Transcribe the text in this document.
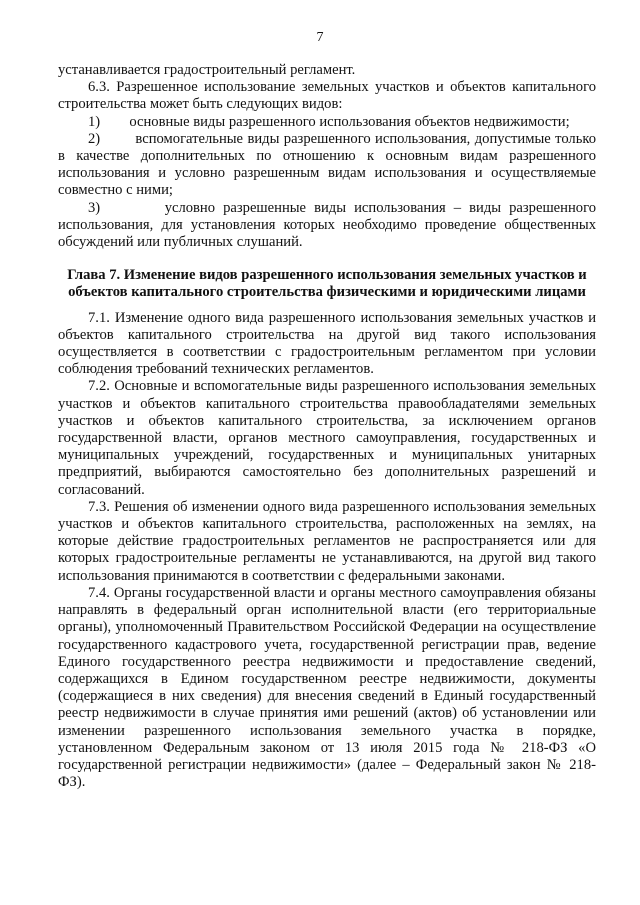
7

устанавливается градостроительный регламент.

6.3. Разрешенное использование земельных участков и объектов капитального строительства может быть следующих видов:

1) основные виды разрешенного использования объектов недвижимости;

2) вспомогательные виды разрешенного использования, допустимые только в качестве дополнительных по отношению к основным видам разрешенного использования и условно разрешенным видам использования и осуществляемые совместно с ними;

3)	условно разрешенные виды использования – виды разрешенного использования, для установления которых необходимо проведение общественных обсуждений или публичных слушаний.

Глава 7. Изменение видов разрешенного использования земельных участков и объектов капитального строительства физическими и юридическими лицами

7.1. Изменение одного вида разрешенного использования земельных участков и объектов капитального строительства на другой вид такого использования осуществляется в соответствии с градостроительным регламентом при условии соблюдения требований технических регламентов.

7.2. Основные и вспомогательные виды разрешенного использования земельных участков и объектов капитального строительства правообладателями земельных участков и объектов капитального строительства, за исключением органов государственной власти, органов местного самоуправления, государственных и муниципальных учреждений, государственных и муниципальных унитарных предприятий, выбираются самостоятельно без дополнительных разрешений и согласований.

7.3. Решения об изменении одного вида разрешенного использования земельных участков и объектов капитального строительства, расположенных на землях, на которые действие градостроительных регламентов не распространяется или для которых градостроительные регламенты не устанавливаются, на другой вид такого использования принимаются в соответствии с федеральными законами.

7.4. Органы государственной власти и органы местного самоуправления обязаны направлять в федеральный орган исполнительной власти (его территориальные органы), уполномоченный Правительством Российской Федерации на осуществление государственного кадастрового учета, государственной регистрации прав, ведение Единого государственного реестра недвижимости и предоставление сведений, содержащихся в Едином государственном реестре недвижимости, документы (содержащиеся в них сведения) для внесения сведений в Единый государственный реестр недвижимости в случае принятия ими решений (актов) об установлении или изменении разрешенного использования земельного участка в порядке, установленном Федеральным законом от 13 июля 2015 года № 218-ФЗ «О государственной регистрации недвижимости» (далее – Федеральный закон № 218-ФЗ).
